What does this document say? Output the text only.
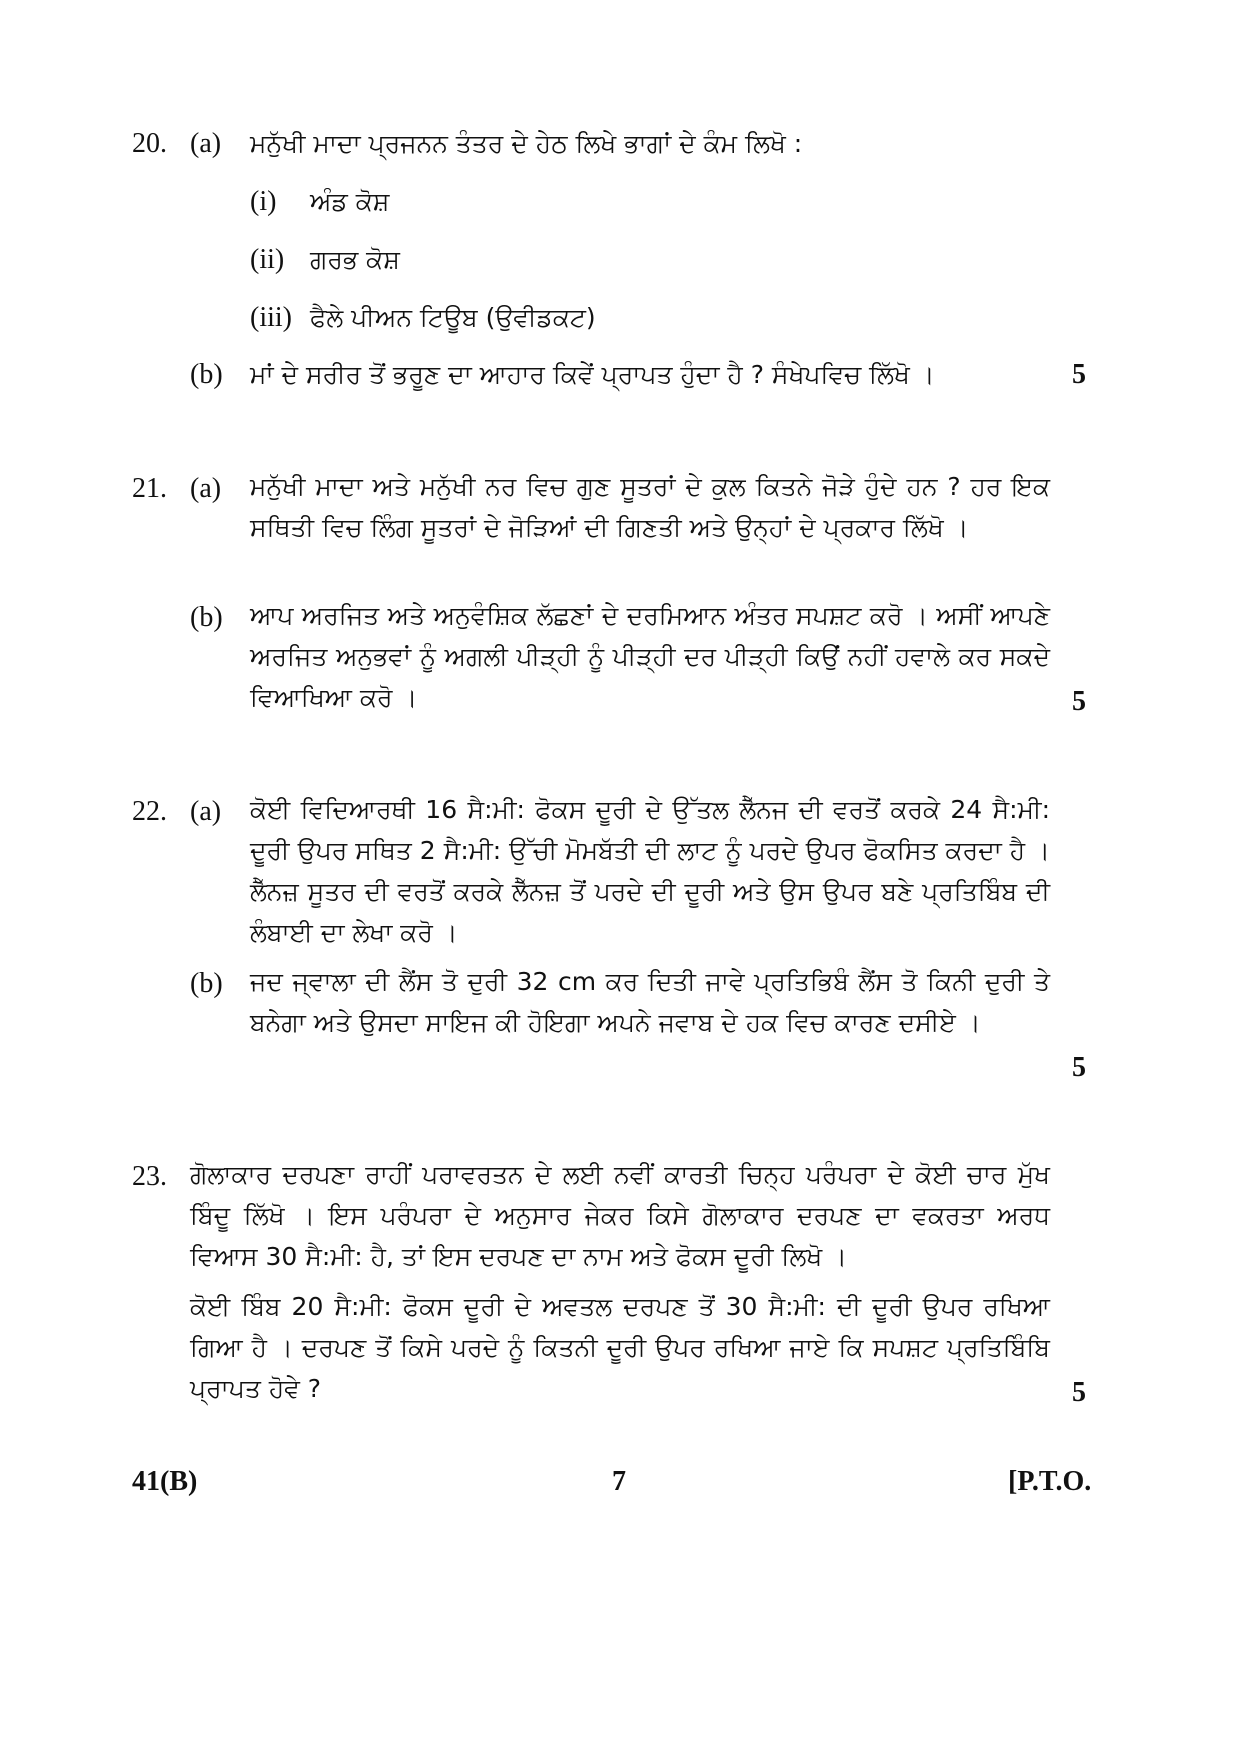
20. (a) ਮਨੁੱਖੀ ਮਾਦਾ ਪ੍ਰਜਨਨ ਤੰਤਰ ਦੇ ਹੇਠ ਲਿਖੇ ਭਾਗਾਂ ਦੇ ਕੰਮ ਲਿਖੋ :
(i) ਅੰਡ ਕੋਸ਼
(ii) ਗਰਭ ਕੋਸ਼
(iii) ਫੈਲੇ ਪੀਅਨ ਟਿਊਬ (ਉਵੀਡਕਟ)
(b) ਮਾਂ ਦੇ ਸਰੀਰ ਤੋਂ ਭਰੂਣ ਦਾ ਆਹਾਰ ਕਿਵੇਂ ਪ੍ਰਾਪਤ ਹੁੰਦਾ ਹੈ ? ਸੰਖੇਪਵਿਚ ਲਿੱਖੋ ।	5
21. (a) ਮਨੁੱਖੀ ਮਾਦਾ ਅਤੇ ਮਨੁੱਖੀ ਨਰ ਵਿਚ ਗੁਣ ਸੂਤਰਾਂ ਦੇ ਕੁਲ ਕਿਤਨੇ ਜੋੜੇ ਹੁੰਦੇ ਹਨ ? ਹਰ ਇਕ ਸਥਿਤੀ ਵਿਚ ਲਿੰਗ ਸੂਤਰਾਂ ਦੇ ਜੋੜਿਆਂ ਦੀ ਗਿਣਤੀ ਅਤੇ ਉਨ੍ਹਾਂ ਦੇ ਪ੍ਰਕਾਰ ਲਿੱਖੋ ।
(b) ਆਪ ਅਰਜਿਤ ਅਤੇ ਅਨੁਵੰਸ਼ਿਕ ਲੱਛਣਾਂ ਦੇ ਦਰਮਿਆਨ ਅੰਤਰ ਸਪਸ਼ਟ ਕਰੋ । ਅਸੀਂ ਆਪਣੇ ਅਰਜਿਤ ਅਨੁਭਵਾਂ ਨੂੰ ਅਗਲੀ ਪੀੜ੍ਹੀ ਨੂੰ ਪੀੜ੍ਹੀ ਦਰ ਪੀੜ੍ਹੀ ਕਿਉਂ ਨਹੀਂ ਹਵਾਲੇ ਕਰ ਸਕਦੇ ਵਿਆਖਿਆ ਕਰੋ ।	5
22. (a) ਕੋਈ ਵਿਦਿਆਰਥੀ 16 ਸੈ:ਮੀ: ਫੋਕਸ ਦੂਰੀ ਦੇ ਉੱਤਲ ਲੈੱਨਜ ਦੀ ਵਰਤੋਂ ਕਰਕੇ 24 ਸੈ:ਮੀ: ਦੂਰੀ ਉਪਰ ਸਥਿਤ 2 ਸੈ:ਮੀ: ਉੱਚੀ ਮੋਮਬੱਤੀ ਦੀ ਲਾਟ ਨੂੰ ਪਰਦੇ ਉਪਰ ਫੋਕਸਿਤ ਕਰਦਾ ਹੈ । ਲੈੱਨਜ਼ ਸੂਤਰ ਦੀ ਵਰਤੋਂ ਕਰਕੇ ਲੈੱਨਜ਼ ਤੋਂ ਪਰਦੇ ਦੀ ਦੂਰੀ ਅਤੇ ਉਸ ਉਪਰ ਬਣੇ ਪ੍ਰਤਿਬਿੰਬ ਦੀ ਲੰਬਾਈ ਦਾ ਲੇਖਾ ਕਰੋ ।
(b) ਜਦ ਜ੍ਵਾਲਾ ਦੀ ਲੈਂਸ ਤੋ ਦੁਰੀ 32 cm ਕਰ ਦਿਤੀ ਜਾਵੇ ਪ੍ਰਤਿਭਿਬੰ ਲੈਂਸ ਤੋ ਕਿਨੀ ਦੁਰੀ ਤੇ ਬਨੇਗਾ ਅਤੇ ਉਸਦਾ ਸਾਇਜ ਕੀ ਹੋਇਗਾ ਅਪਨੇ ਜਵਾਬ ਦੇ ਹਕ ਵਿਚ ਕਾਰਣ ਦਸੀਏ ।
5
23. ਗੋਲਾਕਾਰ ਦਰਪਣਾ ਰਾਹੀਂ ਪਰਾਵਰਤਨ ਦੇ ਲਈ ਨਵੀਂ ਕਾਰਤੀ ਚਿਨ੍ਹ ਪਰੰਪਰਾ ਦੇ ਕੋਈ ਚਾਰ ਮੁੱਖ ਬਿੰਦੂ ਲਿੱਖੋ । ਇਸ ਪਰੰਪਰਾ ਦੇ ਅਨੁਸਾਰ ਜੇਕਰ ਕਿਸੇ ਗੋਲਾਕਾਰ ਦਰਪਣ ਦਾ ਵਕਰਤਾ ਅਰਧ ਵਿਆਸ 30 ਸੈ:ਮੀ: ਹੈ, ਤਾਂ ਇਸ ਦਰਪਣ ਦਾ ਨਾਮ ਅਤੇ ਫੋਕਸ ਦੂਰੀ ਲਿਖੋ ।
ਕੋਈ ਬਿੰਬ 20 ਸੈ:ਮੀ: ਫੋਕਸ ਦੂਰੀ ਦੇ ਅਵਤਲ ਦਰਪਣ ਤੋਂ 30 ਸੈ:ਮੀ: ਦੀ ਦੂਰੀ ਉਪਰ ਰਖਿਆ ਗਿਆ ਹੈ । ਦਰਪਣ ਤੋਂ ਕਿਸੇ ਪਰਦੇ ਨੂੰ ਕਿਤਨੀ ਦੂਰੀ ਉਪਰ ਰਖਿਆ ਜਾਏ ਕਿ ਸਪਸ਼ਟ ਪ੍ਰਤਿਬਿੰਬਿ ਪ੍ਰਾਪਤ ਹੋਵੇ ?	5
41(B)	7	[P.T.O.
